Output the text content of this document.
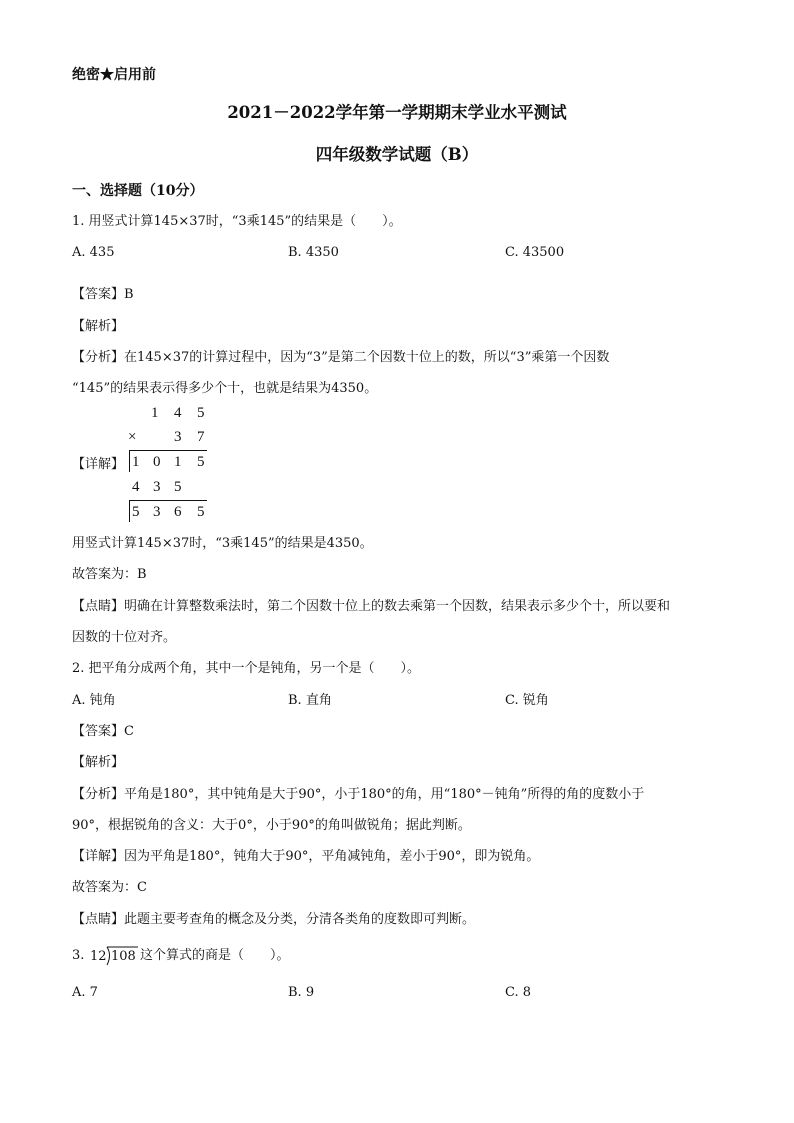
绝密★启用前
2021－2022学年第一学期期末学业水平测试
四年级数学试题（B）
一、选择题（10分）
1. 用竖式计算145×37时，“3乘145”的结果是（　　）。
A. 435	B. 4350	C. 43500
【答案】B
【解析】
【分析】在145×37的计算过程中，因为“3”是第二个因数十位上的数，所以“3”乘第一个因数
“145”的结果表示得多少个十，也就是结果为4350。
【详解】
1 4 5
×	3 7
1 0 1 5
4 3 5
5 3 6 5
用竖式计算145×37时，“3乘145”的结果是4350。
故答案为：B
【点睛】明确在计算整数乘法时，第二个因数十位上的数去乘第一个因数，结果表示多少个十，所以要和
因数的十位对齐。
2. 把平角分成两个角，其中一个是钝角，另一个是（　　）。
A. 钝角	B. 直角	C. 锐角
【答案】C
【解析】
【分析】平角是180°，其中钝角是大于90°，小于180°的角，用“180°－钝角”所得的角的度数小于
90°，根据锐角的含义：大于0°，小于90°的角叫做锐角；据此判断。
【详解】因为平角是180°，钝角大于90°，平角减钝角，差小于90°，即为锐角。
故答案为：C
【点睛】此题主要考查角的概念及分类，分清各类角的度数即可判断。
3. 12 108 这个算式的商是（　　）。
A. 7	B. 9	C. 8
